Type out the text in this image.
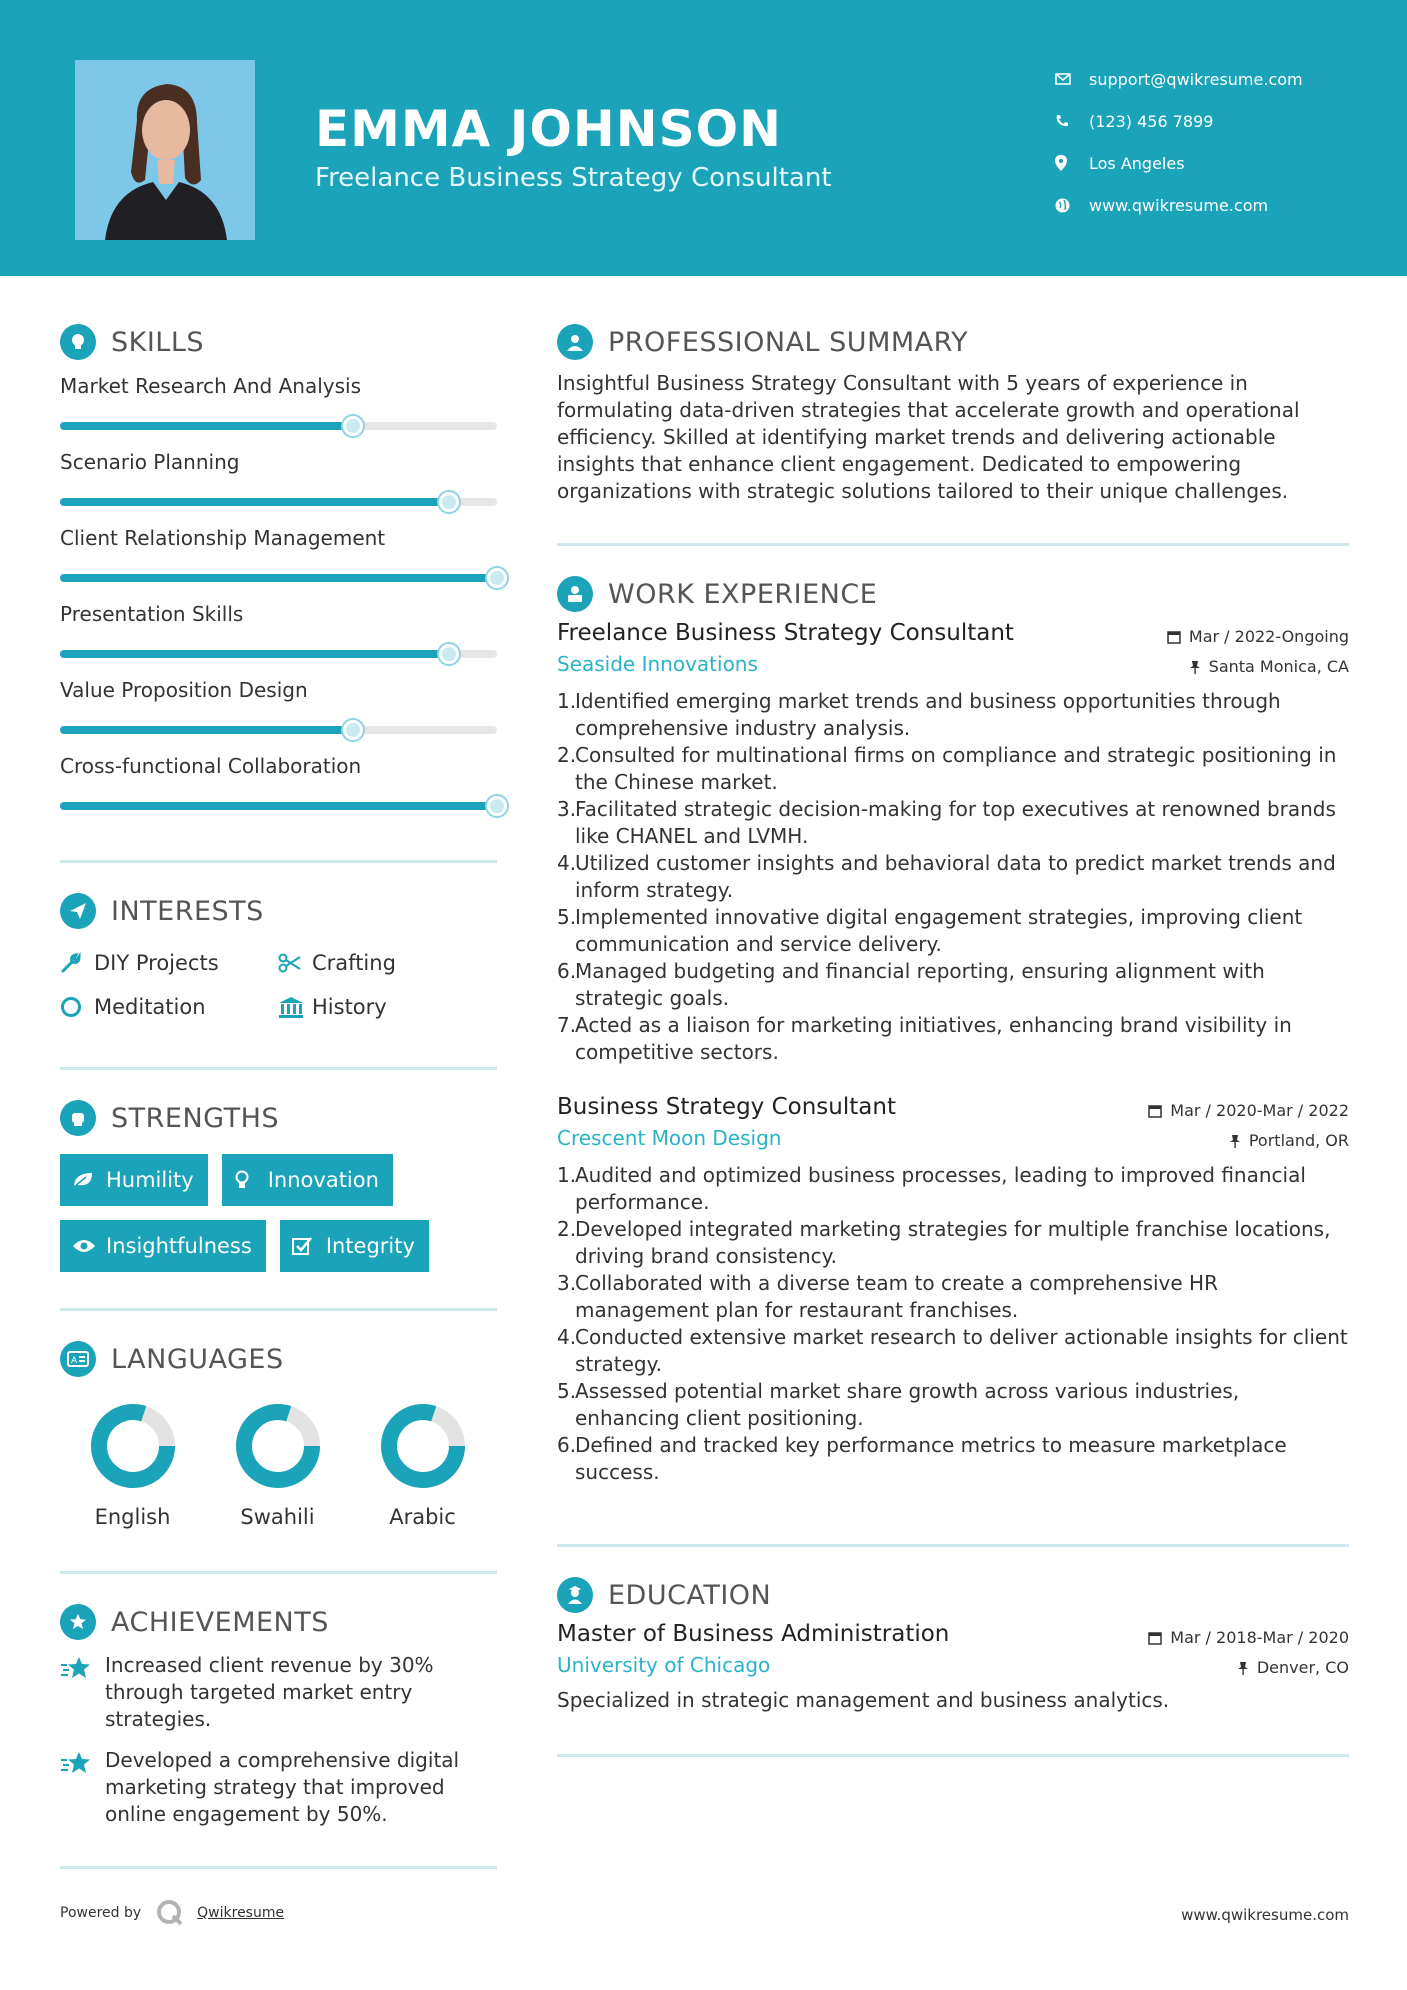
EMMA JOHNSON
Freelance Business Strategy Consultant
support@qwikresume.com
(123) 456 7899
Los Angeles
www.qwikresume.com
SKILLS
Market Research And Analysis
Scenario Planning
Client Relationship Management
Presentation Skills
Value Proposition Design
Cross-functional Collaboration
INTERESTS
DIY Projects	Crafting
Meditation	History
STRENGTHS
Humility	Innovation
Insightfulness	Integrity
A LANGUAGES
English	Swahili	Arabic
ACHIEVEMENTS
Increased client revenue by 30% through targeted market entry strategies.
Developed a comprehensive digital marketing strategy that improved online engagement by 50%.
PROFESSIONAL SUMMARY
Insightful Business Strategy Consultant with 5 years of experience in formulating data-driven strategies that accelerate growth and operational efficiency. Skilled at identifying market trends and delivering actionable insights that enhance client engagement. Dedicated to empowering organizations with strategic solutions tailored to their unique challenges.
WORK EXPERIENCE
Freelance Business Strategy Consultant	Mar / 2022-Ongoing
Seaside Innovations	Santa Monica, CA
1.
Identified emerging market trends and business opportunities through comprehensive industry analysis.
2.
Consulted for multinational firms on compliance and strategic positioning in the Chinese market.
3.
Facilitated strategic decision-making for top executives at renowned brands like CHANEL and LVMH.
4.
Utilized customer insights and behavioral data to predict market trends and inform strategy.
5.
Implemented innovative digital engagement strategies, improving client communication and service delivery.
6.
Managed budgeting and financial reporting, ensuring alignment with strategic goals.
7.
Acted as a liaison for marketing initiatives, enhancing brand visibility in competitive sectors.
Business Strategy Consultant	Mar / 2020-Mar / 2022
Crescent Moon Design	Portland, OR
1.
Audited and optimized business processes, leading to improved financial performance.
2.
Developed integrated marketing strategies for multiple franchise locations, driving brand consistency.
3.
Collaborated with a diverse team to create a comprehensive HR management plan for restaurant franchises.
4.
Conducted extensive market research to deliver actionable insights for client strategy.
5.
Assessed potential market share growth across various industries, enhancing client positioning.
6.
Defined and tracked key performance metrics to measure marketplace success.
EDUCATION
Master of Business Administration	Mar / 2018-Mar / 2020
University of Chicago	Denver, CO
Specialized in strategic management and business analytics.
Powered by	Qwikresume	www.qwikresume.com
